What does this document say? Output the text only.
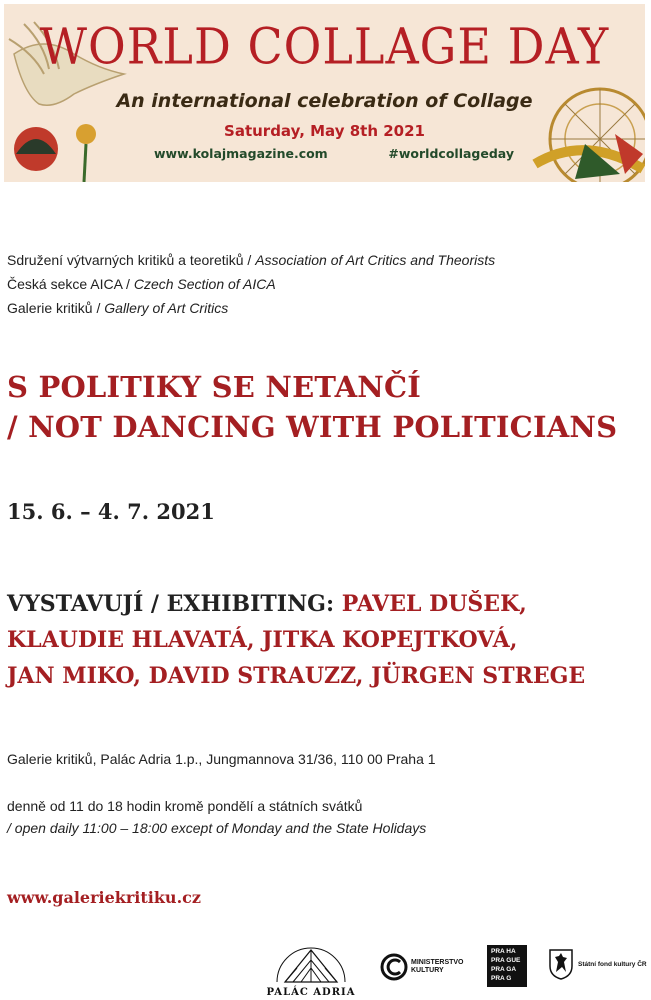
WORLD COLLAGE DAY
An international celebration of Collage
Saturday, May 8th 2021
www.kolajmagazine.com	#worldcollageday
Sdružení výtvarných kritiků a teoretiků / Association of Art Critics and Theorists
Česká sekce AICA / Czech Section of AICA
Galerie kritiků / Gallery of Art Critics
S POLITIKY SE NETANČÍ
/ NOT DANCING WITH POLITICIANS
15. 6. – 4. 7. 2021
VYSTAVUJÍ / EXHIBITING: PAVEL DUŠEK,
KLAUDIE HLAVATÁ, JITKA KOPEJTKOVÁ,
JAN MIKO, DAVID STRAUZZ, JÜRGEN STREGE
Galerie kritiků, Palác Adria 1.p., Jungmannova 31/36, 110 00 Praha 1
denně od 11 do 18 hodin kromě pondělí a státních svátků
/ open daily 11:00 – 18:00 except of Monday and the State Holidays
www.galeriekritiku.cz
PALÁC ADRIA
MINISTERSTVO
KULTURY
PRA HA
PRA GUE
PRA GA
PRA G
Státní fond kultury ČR
